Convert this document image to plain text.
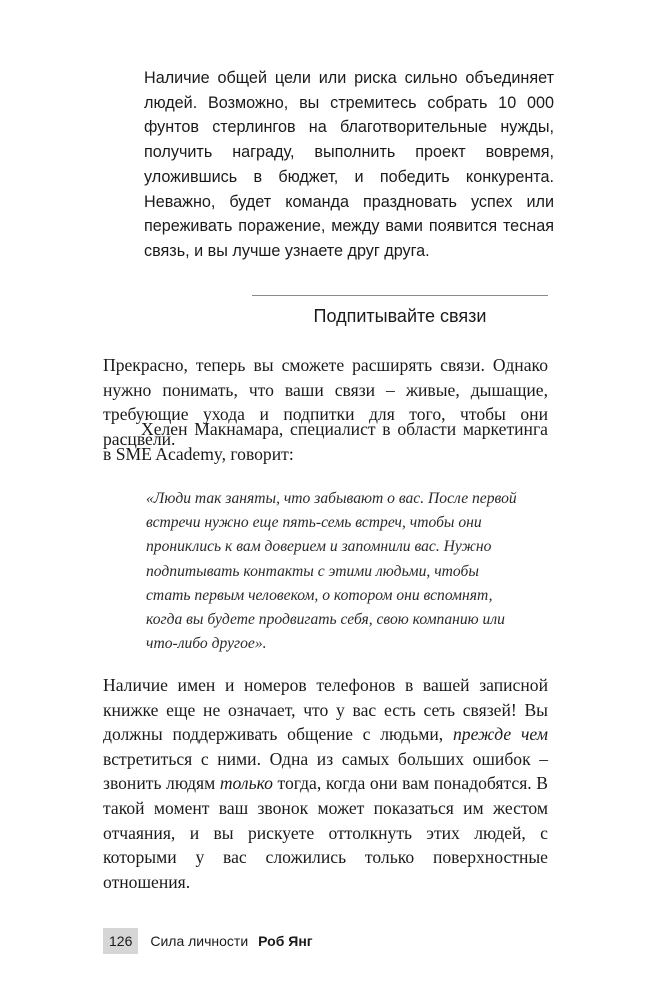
Наличие общей цели или риска сильно объединяет людей. Возможно, вы стремитесь собрать 10 000 фунтов стерлингов на благотворительные нужды, получить награду, выполнить проект вовремя, уложившись в бюджет, и победить конкурента. Неважно, будет команда праздновать успех или переживать поражение, между вами появится тесная связь, и вы лучше узнаете друг друга.

Подпитывайте связи

Прекрасно, теперь вы сможете расширять связи. Однако нужно понимать, что ваши связи – живые, дышащие, требующие ухода и подпитки для того, чтобы они расцвели.

Хелен Макнамара, специалист в области маркетинга в SME Academy, говорит:

«Люди так заняты, что забывают о вас. После первой встречи нужно еще пять-семь встреч, чтобы они прониклись к вам доверием и запомнили вас. Нужно подпитывать контакты с этими людьми, чтобы стать первым человеком, о котором они вспомнят, когда вы будете продвигать себя, свою компанию или что-либо другое».

Наличие имен и номеров телефонов в вашей записной книжке еще не означает, что у вас есть сеть связей! Вы должны поддерживать общение с людьми, прежде чем встретиться с ними. Одна из самых больших ошибок – звонить людям только тогда, когда они вам понадобятся. В такой момент ваш звонок может показаться им жестом отчаяния, и вы рискуете оттолкнуть этих людей, с которыми у вас сложились только поверхностные отношения.

126	Сила личности Роб Янг
